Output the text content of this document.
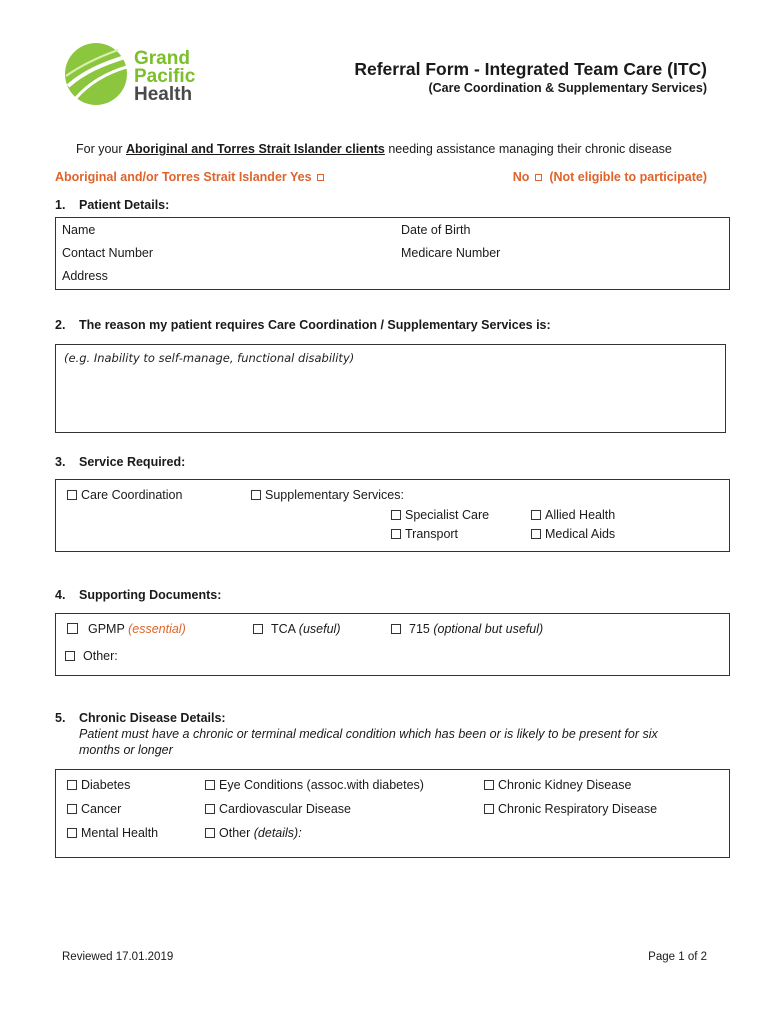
Grand
Pacific
Health
Referral Form - Integrated Team Care (ITC)
(Care Coordination & Supplementary Services)
For your Aboriginal and Torres Strait Islander clients needing assistance managing their chronic disease
Aboriginal and/or Torres Strait Islander Yes	No (Not eligible to participate)
1. Patient Details:
Name	Date of Birth
Contact Number	Medicare Number
Address
2. The reason my patient requires Care Coordination / Supplementary Services is:
(e.g. Inability to self-manage, functional disability)
3. Service Required:
Care Coordination	Supplementary Services:
Specialist Care	Allied Health
Transport	Medical Aids
4. Supporting Documents:
GPMP (essential)	TCA (useful)	715 (optional but useful)
Other:
5. Chronic Disease Details:
Patient must have a chronic or terminal medical condition which has been or is likely to be present for six
months or longer
Diabetes	Eye Conditions (assoc.with diabetes)	Chronic Kidney Disease
Cancer	Cardiovascular Disease	Chronic Respiratory Disease
Mental Health	Other (details):
Reviewed 17.01.2019	Page 1 of 2
